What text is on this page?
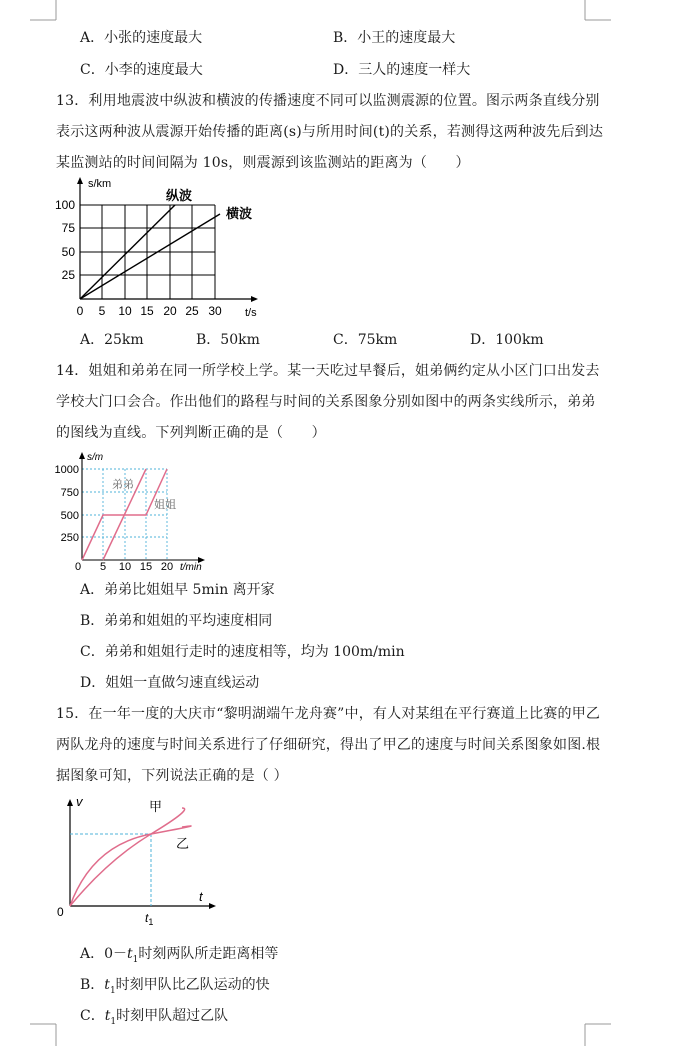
A．小张的速度最大	B．小王的速度最大
C．小李的速度最大	D．三人的速度一样大
13．利用地震波中纵波和横波的传播速度不同可以监测震源的位置。图示两条直线分别
表示这两种波从震源开始传播的距离(s)与所用时间(t)的关系，若测得这两种波先后到达
某监测站的时间间隔为 10s，则震源到该监测站的距离为（　　）
s/km
t/s
纵波
横波
0 5 10 15 20 25 30
25
50
75
100
A．25km	B．50km	C．75km	D．100km
14．姐姐和弟弟在同一所学校上学。某一天吃过早餐后，姐弟俩约定从小区门口出发去
学校大门口会合。作出他们的路程与时间的关系图象分别如图中的两条实线所示，弟弟
的图线为直线。下列判断正确的是（　　）
s/m
t/min
弟弟
姐姐
0 5 10 15 20
250
500
750
1000
A．弟弟比姐姐早 5min 离开家
B．弟弟和姐姐的平均速度相同
C．弟弟和姐姐行走时的速度相等，均为 100m/min
D．姐姐一直做匀速直线运动
15．在一年一度的大庆市“黎明湖端午龙舟赛”中，有人对某组在平行赛道上比赛的甲乙
两队龙舟的速度与时间关系进行了仔细研究，得出了甲乙的速度与时间关系图象如图.根
据图象可知，下列说法正确的是（ ）
v
t
0	$t_1$
甲
乙
A．$0-t_1$时刻两队所走距离相等
B．$t_1$时刻甲队比乙队运动的快
C．$t_1$时刻甲队超过乙队
